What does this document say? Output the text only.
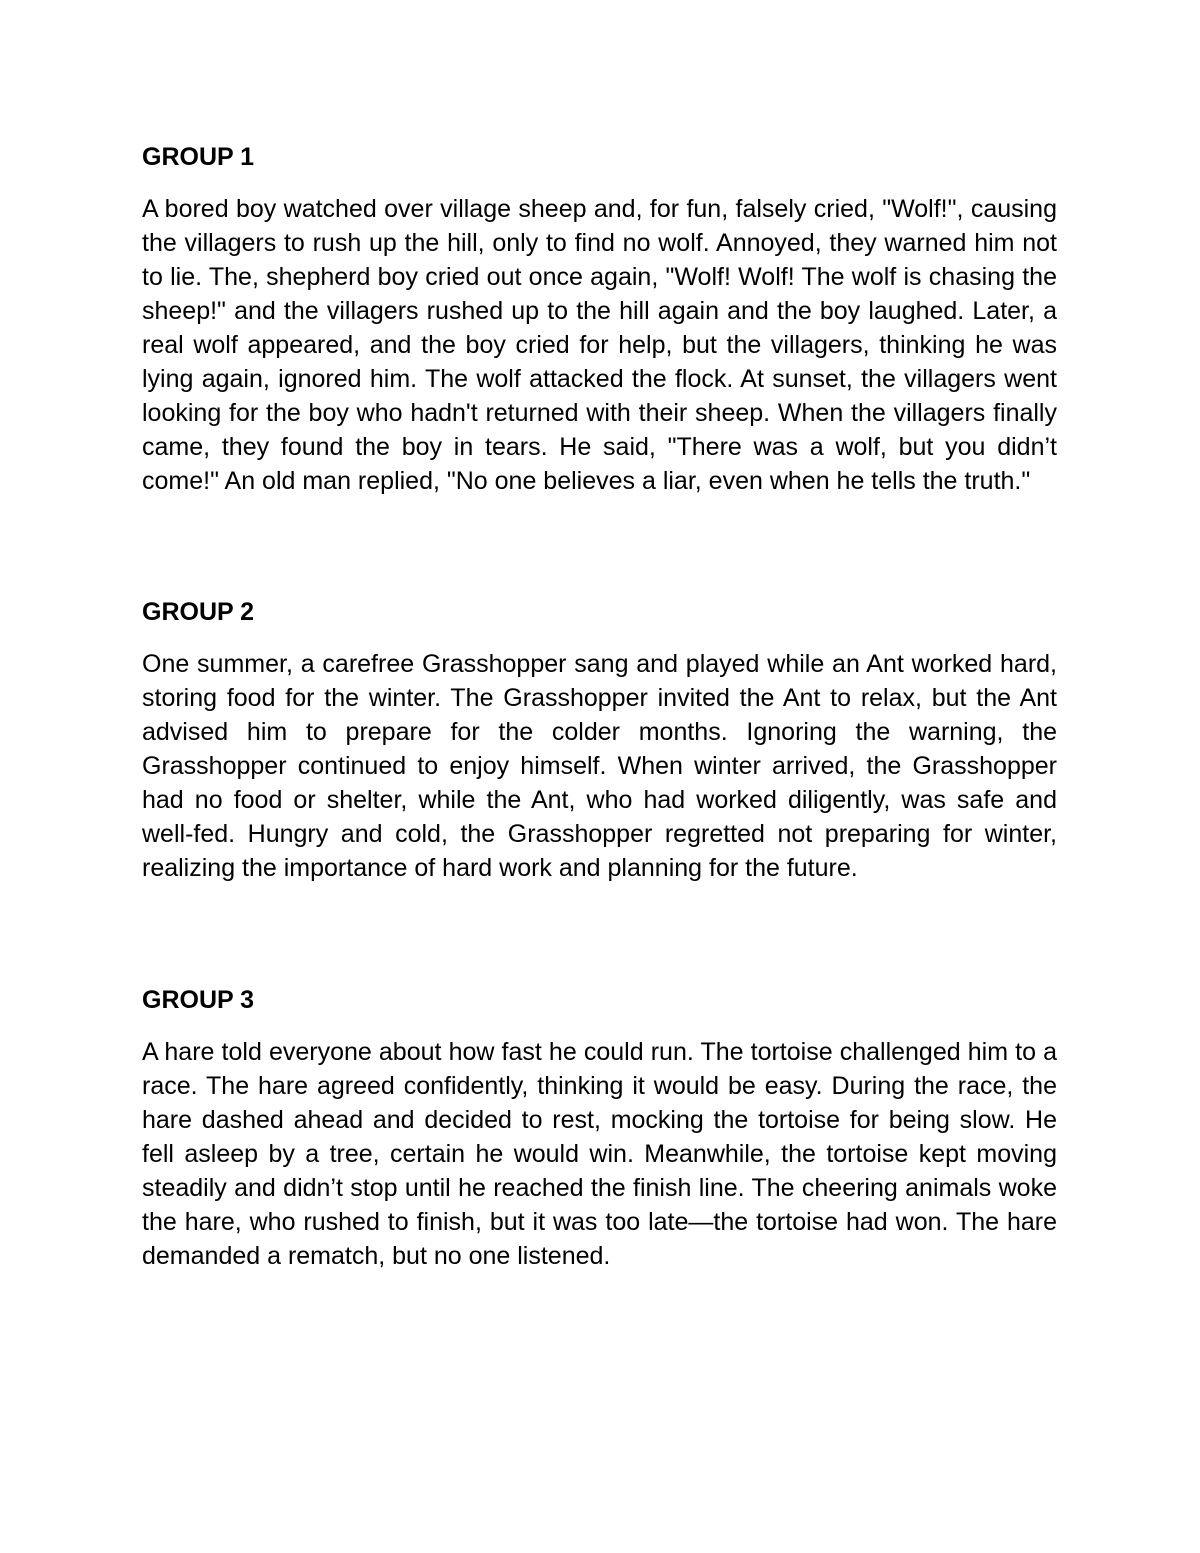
GROUP 1

A bored boy watched over village sheep and, for fun, falsely cried, "Wolf!", causing the villagers to rush up the hill, only to find no wolf. Annoyed, they warned him not to lie. The, shepherd boy cried out once again, "Wolf! Wolf! The wolf is chasing the sheep!" and the villagers rushed up to the hill again and the boy laughed. Later, a real wolf appeared, and the boy cried for help, but the villagers, thinking he was lying again, ignored him. The wolf attacked the flock. At sunset, the villagers went looking for the boy who hadn't returned with their sheep. When the villagers finally came, they found the boy in tears. He said, "There was a wolf, but you didn’t come!" An old man replied, "No one believes a liar, even when he tells the truth."

GROUP 2

One summer, a carefree Grasshopper sang and played while an Ant worked hard, storing food for the winter. The Grasshopper invited the Ant to relax, but the Ant advised him to prepare for the colder months. Ignoring the warning, the Grasshopper continued to enjoy himself. When winter arrived, the Grasshopper had no food or shelter, while the Ant, who had worked diligently, was safe and well-fed. Hungry and cold, the Grasshopper regretted not preparing for winter, realizing the importance of hard work and planning for the future.

GROUP 3

A hare told everyone about how fast he could run. The tortoise challenged him to a race. The hare agreed confidently, thinking it would be easy. During the race, the hare dashed ahead and decided to rest, mocking the tortoise for being slow. He fell asleep by a tree, certain he would win. Meanwhile, the tortoise kept moving steadily and didn’t stop until he reached the finish line. The cheering animals woke the hare, who rushed to finish, but it was too late—the tortoise had won. The hare demanded a rematch, but no one listened.
